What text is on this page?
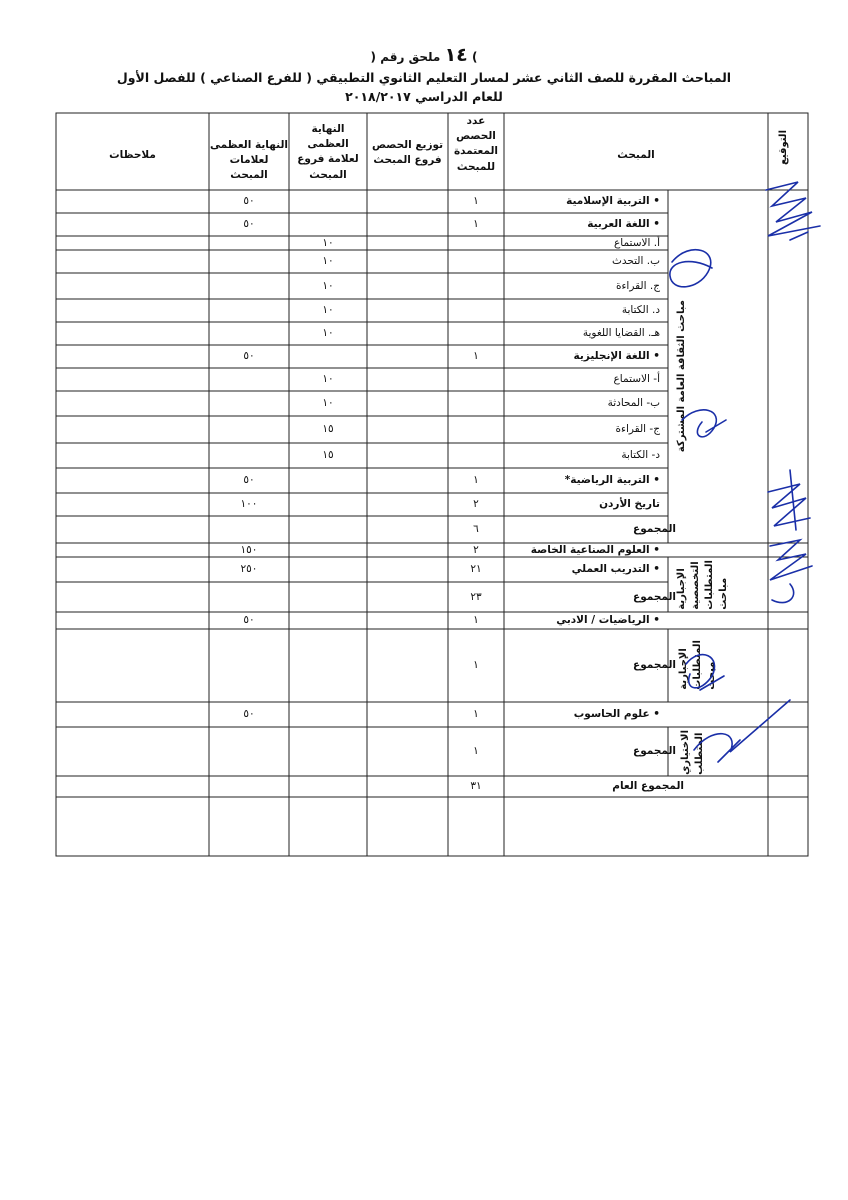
)	١٤ ملحق رقم (
المباحث المقررة للصف الثاني عشر لمسار التعليم الثانوي التطبيقي ( للفرع الصناعي ) للفصل الأول
للعام الدراسي ٢٠١٨/٢٠١٧
التوقيع
المبحث
عدد
الحصص
المعتمدة
للمبحث
توزيع الحصص
فروع المبحث
النهاية العظمى
لعلامة فروع
المبحث
النهاية العظمى
لعلامات المبحث
ملاحظات
مباحث الثقافة العامة المشتركة
مباحث
المتطلبات
التخصصية
الإجبارية
مبحث
المتطلبات
الإجبارية
المتطلب
الاختياري
• التربية الإسلامية
١
٥٠
• اللغة العربية
١
٥٠
أ. الاستماع
١٠
ب. التحدث
١٠
ج. القراءة
١٠
د. الكتابة
١٠
هـ. القضايا اللغوية
١٠
• اللغة الإنجليزية
١
٥٠
أ- الاستماع
١٠
ب- المحادثة
١٠
ج- القراءة
١٥
د- الكتابة
١٥
• التربية الرياضية*
١
٥٠
تاريخ الأردن
٢
١٠٠
المجموع
٦
• العلوم الصناعية الخاصة
٢
١٥٠
• التدريب العملي
٢١
٢٥٠
المجموع
٢٣
• الرياضيات / الادبي
١
٥٠
المجموع
١
• علوم الحاسوب
١
٥٠
المجموع
١
المجموع العام
٣١
